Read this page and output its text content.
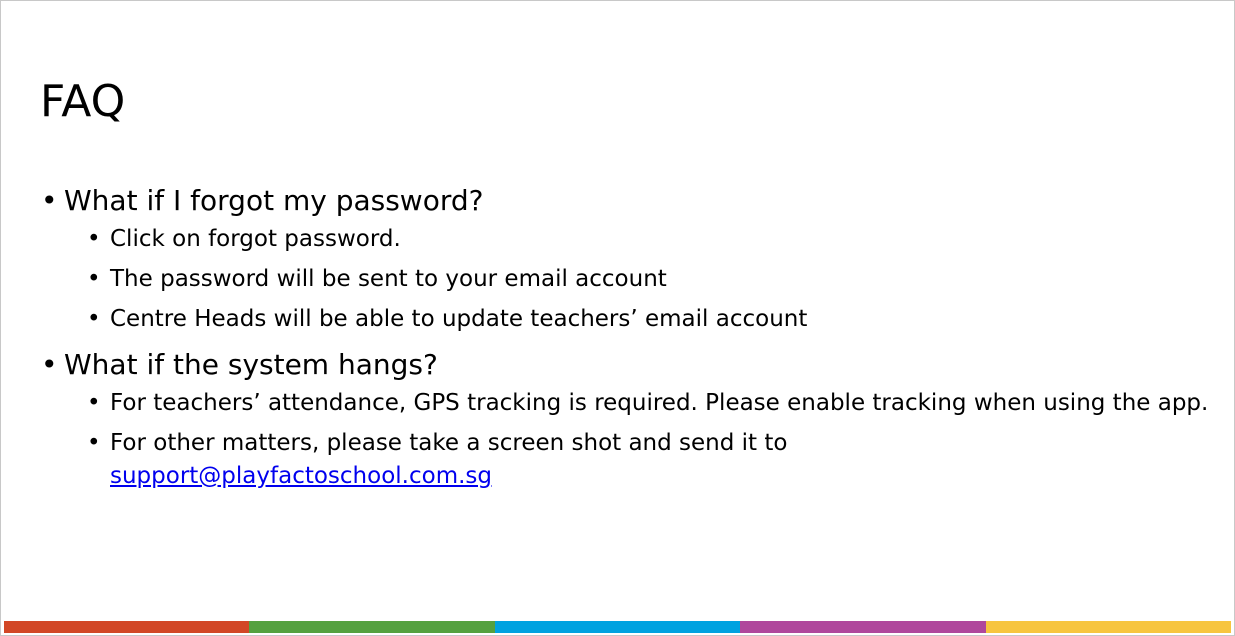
FAQ
• What if I forgot my password?
• Click on forgot password.
• The password will be sent to your email account
• Centre Heads will be able to update teachers’ email account
• What if the system hangs?
• For teachers’ attendance, GPS tracking is required. Please enable tracking when using the app.
• For other matters, please take a screen shot and send it to
support@playfactoschool.com.sg
